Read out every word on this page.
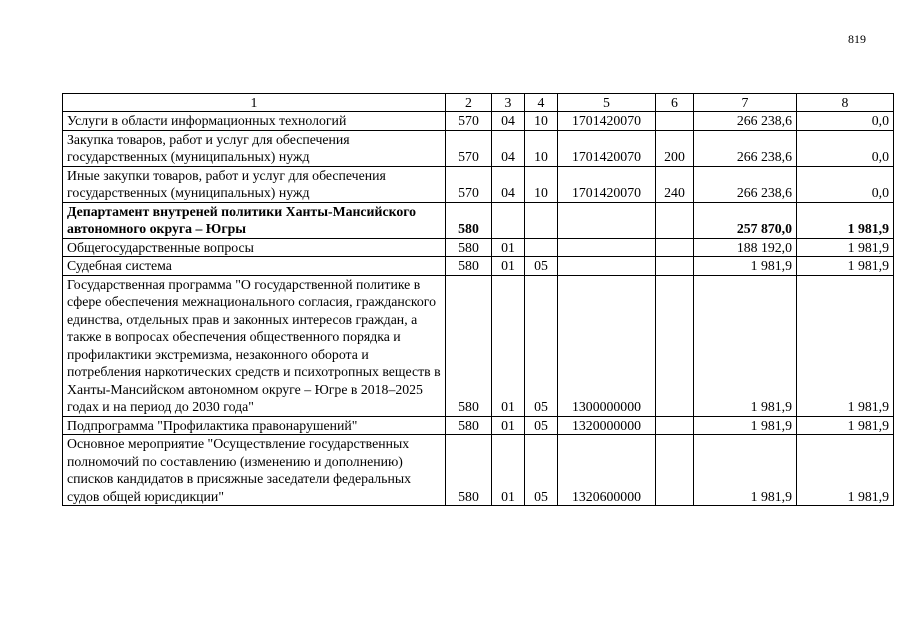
819
1	2	3	4	5	6	7	8
Услуги в области информационных технологий	570	04	10	1701420070		266 238,6	0,0
Закупка товаров, работ и услуг для обеспечения государственных (муниципальных) нужд	570	04	10	1701420070	200	266 238,6	0,0
Иные закупки товаров, работ и услуг для обеспечения государственных (муниципальных) нужд	570	04	10	1701420070	240	266 238,6	0,0
Департамент внутреней политики Ханты-Мансийского автономного округа – Югры	580					257 870,0	1 981,9
Общегосударственные вопросы	580	01				188 192,0	1 981,9
Судебная система	580	01	05			1 981,9	1 981,9
Государственная программа "О государственной политике в сфере обеспечения межнационального согласия, гражданского единства, отдельных прав и законных интересов граждан, а также в вопросах обеспечения общественного порядка и профилактики экстремизма, незаконного оборота и потребления наркотических средств и психотропных веществ в Ханты-Мансийском автономном округе – Югре в 2018–2025 годах и на период до 2030 года"	580	01	05	1300000000		1 981,9	1 981,9
Подпрограмма "Профилактика правонарушений"	580	01	05	1320000000		1 981,9	1 981,9
Основное мероприятие "Осуществление государственных полномочий по составлению (изменению и дополнению) списков кандидатов в присяжные заседатели федеральных судов общей юрисдикции"	580	01	05	1320600000		1 981,9	1 981,9
